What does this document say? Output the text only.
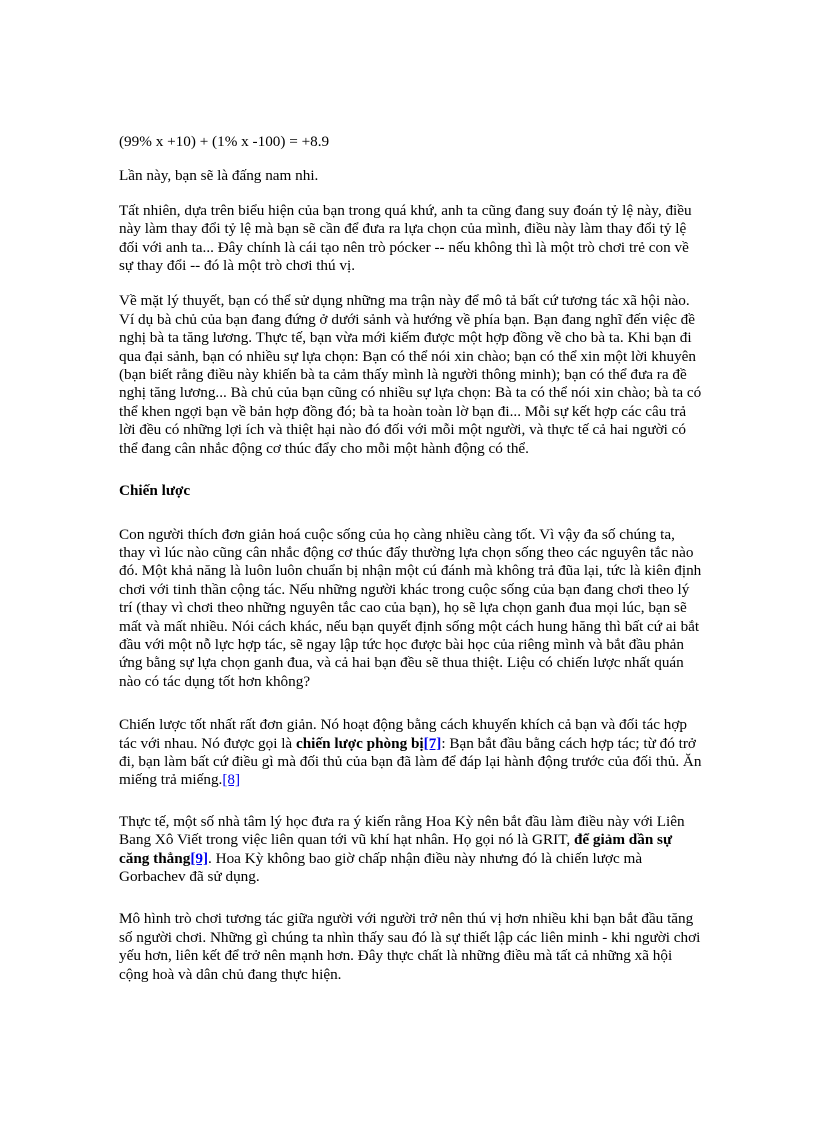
(99% x +10) + (1% x -100) = +8.9

Lần này, bạn sẽ là đấng nam nhi.

Tất nhiên, dựa trên biểu hiện của bạn trong quá khứ, anh ta cũng đang suy đoán tỷ lệ này, điều này làm thay đổi tỷ lệ mà bạn sẽ cần để đưa ra lựa chọn của mình, điều này làm thay đổi tỷ lệ đối với anh ta... Đây chính là cái tạo nên trò pócker -- nếu không thì là một trò chơi trẻ con về sự thay đổi -- đó là một trò chơi thú vị.

Về mặt lý thuyết, bạn có thể sử dụng những ma trận này để mô tả bất cứ tương tác xã hội nào. Ví dụ bà chủ của bạn đang đứng ở dưới sảnh và hướng về phía bạn. Bạn đang nghĩ đến việc đề nghị bà ta tăng lương. Thực tế, bạn vừa mới kiếm được một hợp đồng về cho bà ta. Khi bạn đi qua đại sảnh, bạn có nhiều sự lựa chọn: Bạn có thể nói xin chào; bạn có thể xin một lời khuyên (bạn biết rằng điều này khiến bà ta cảm thấy mình là người thông minh); bạn có thể đưa ra đề nghị tăng lương... Bà chủ của bạn cũng có nhiều sự lựa chọn: Bà ta có thể nói xin chào; bà ta có thể khen ngợi bạn về bản hợp đồng đó; bà ta hoàn toàn lờ bạn đi... Mỗi sự kết hợp các câu trả lời đều có những lợi ích và thiệt hại nào đó đối với mỗi một người, và thực tế cả hai người có thể đang cân nhắc động cơ thúc đẩy cho mỗi một hành động có thể.

Chiến lược

Con người thích đơn giản hoá cuộc sống của họ càng nhiều càng tốt. Vì vậy đa số chúng ta, thay vì lúc nào cũng cân nhắc động cơ thúc đẩy thường lựa chọn sống theo các nguyên tắc nào đó. Một khả năng là luôn luôn chuẩn bị nhận một cú đánh mà không trả đũa lại, tức là kiên định chơi với tinh thần cộng tác. Nếu những người khác trong cuộc sống của bạn đang chơi theo lý trí (thay vì chơi theo những nguyên tắc cao của bạn), họ sẽ lựa chọn ganh đua mọi lúc, bạn sẽ mất và mất nhiều. Nói cách khác, nếu bạn quyết định sống một cách hung hăng thì bất cứ ai bắt đầu với một nỗ lực hợp tác, sẽ ngay lập tức học được bài học của riêng mình và bắt đầu phản ứng bằng sự lựa chọn ganh đua, và cả hai bạn đều sẽ thua thiệt. Liệu có chiến lược nhất quán nào có tác dụng tốt hơn không?

Chiến lược tốt nhất rất đơn giản. Nó hoạt động bằng cách khuyến khích cả bạn và đối tác hợp tác với nhau. Nó được gọi là chiến lược phòng bị[7]: Bạn bắt đầu bằng cách hợp tác; từ đó trở đi, bạn làm bất cứ điều gì mà đối thủ của bạn đã làm để đáp lại hành động trước của đối thủ. Ăn miếng trả miếng.[8]

Thực tế, một số nhà tâm lý học đưa ra ý kiến rằng Hoa Kỳ nên bắt đầu làm điều này với Liên Bang Xô Viết trong việc liên quan tới vũ khí hạt nhân. Họ gọi nó là GRIT, để giảm dần sự căng thẳng[9]. Hoa Kỳ không bao giờ chấp nhận điều này nhưng đó là chiến lược mà Gorbachev đã sử dụng.

Mô hình trò chơi tương tác giữa người với người trở nên thú vị hơn nhiều khi bạn bắt đầu tăng số người chơi. Những gì chúng ta nhìn thấy sau đó là sự thiết lập các liên minh - khi người chơi yếu hơn, liên kết để trở nên mạnh hơn. Đây thực chất là những điều mà tất cả những xã hội cộng hoà và dân chủ đang thực hiện.
